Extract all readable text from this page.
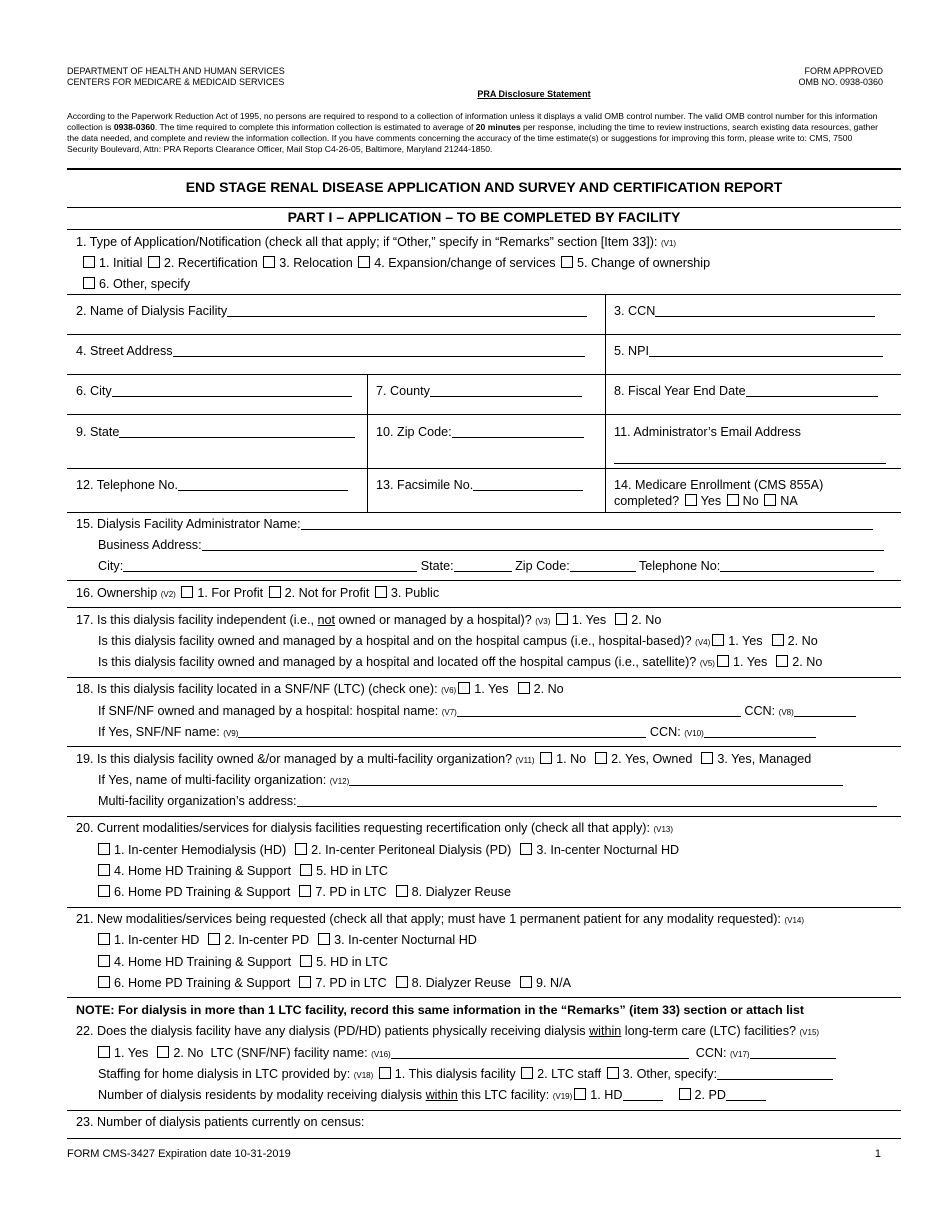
DEPARTMENT OF HEALTH AND HUMAN SERVICES
CENTERS FOR MEDICARE & MEDICAID SERVICES
FORM APPROVED
OMB NO. 0938-0360
PRA Disclosure Statement
According to the Paperwork Reduction Act of 1995, no persons are required to respond to a collection of information unless it displays a valid OMB control number. The valid OMB control number for this information collection is 0938-0360. The time required to complete this information collection is estimated to average of 20 minutes per response, including the time to review instructions, search existing data resources, gather the data needed, and complete and review the information collection. If you have comments concerning the accuracy of the time estimate(s) or suggestions for improving this form, please write to: CMS, 7500 Security Boulevard, Attn: PRA Reports Clearance Officer, Mail Stop C4-26-05, Baltimore, Maryland 21244-1850.
END STAGE RENAL DISEASE APPLICATION AND SURVEY AND CERTIFICATION REPORT
PART I – APPLICATION – TO BE COMPLETED BY FACILITY
1. Type of Application/Notification (check all that apply; if “Other,” specify in “Remarks” section [Item 33]): (V1)
1. Initial 2. Recertification 3. Relocation 4. Expansion/change of services 5. Change of ownership
6. Other, specify
2. Name of Dialysis Facility	3. CCN
4. Street Address	5. NPI
6. City	7. County	8. Fiscal Year End Date
9. State	10. Zip Code:	11. Administrator’s Email Address
12. Telephone No.	13. Facsimile No.	14. Medicare Enrollment (CMS 855A)
completed? Yes No NA
15. Dialysis Facility Administrator Name:
Business Address:
City:	State:	Zip Code:	Telephone No:
16. Ownership (V2) 1. For Profit 2. Not for Profit 3. Public
17. Is this dialysis facility independent (i.e., not owned or managed by a hospital)? (V3) 1. Yes 2. No
Is this dialysis facility owned and managed by a hospital and on the hospital campus (i.e., hospital-based)? (V4) 1. Yes 2. No
Is this dialysis facility owned and managed by a hospital and located off the hospital campus (i.e., satellite)? (V5) 1. Yes 2. No
18. Is this dialysis facility located in a SNF/NF (LTC) (check one): (V6) 1. Yes 2. No
If SNF/NF owned and managed by a hospital: hospital name: (V7)	CCN: (V8)
If Yes, SNF/NF name: (V9)	CCN: (V10)
19. Is this dialysis facility owned &/or managed by a multi-facility organization? (V11) 1. No 2. Yes, Owned 3. Yes, Managed
If Yes, name of multi-facility organization: (V12)
Multi-facility organization’s address:
20. Current modalities/services for dialysis facilities requesting recertification only (check all that apply): (V13)
1. In-center Hemodialysis (HD) 2. In-center Peritoneal Dialysis (PD) 3. In-center Nocturnal HD
4. Home HD Training & Support 5. HD in LTC
6. Home PD Training & Support 7. PD in LTC 8. Dialyzer Reuse
21. New modalities/services being requested (check all that apply; must have 1 permanent patient for any modality requested): (V14)
1. In-center HD 2. In-center PD 3. In-center Nocturnal HD
4. Home HD Training & Support 5. HD in LTC
6. Home PD Training & Support 7. PD in LTC 8. Dialyzer Reuse 9. N/A
NOTE: For dialysis in more than 1 LTC facility, record this same information in the “Remarks” (item 33) section or attach list
22. Does the dialysis facility have any dialysis (PD/HD) patients physically receiving dialysis within long-term care (LTC) facilities? (V15)
1. Yes 2. No LTC (SNF/NF) facility name: (V16)	CCN: (V17)
Staffing for home dialysis in LTC provided by: (V18) 1. This dialysis facility 2. LTC staff 3. Other, specify:
Number of dialysis residents by modality receiving dialysis within this LTC facility: (V19) 1. HD	2. PD
23. Number of dialysis patients currently on census:
FORM CMS-3427 Expiration date 10-31-2019	1
